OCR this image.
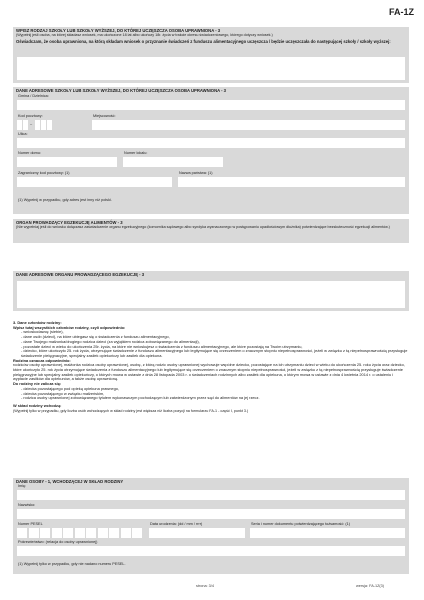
FA-1Z
WPISZ RODZAJ SZKOŁY LUB SZKOŁY WYŻSZEJ, DO KTÓREJ UCZĘSZCZA OSOBA UPRAWNIONA - 3
(Wypełnij jeśli osoba, na której składasz wniosek, ma ukończone 18 lat albo ukończy 18r. życia w trakcie okresu świadczeniowego, którego dotyczy wniosek.)
Oświadczam, że osoba uprawniona, na którą składam wniosek o przyznanie świadczeń z funduszu alimentacyjnego uczęszcza / będzie uczęszczała do następującej szkoły / szkoły wyższej:
DANE ADRESOWE SZKOŁY LUB SZKOŁY WYŻSZEJ, DO KTÓREJ UCZĘSZCZA OSOBA UPRAWNIONA - 3
Gmina / Dzielnica:
Kod pocztowy:
–
Miejscowość:
Ulica:
Numer domu:	Numer lokalu:
Zagraniczny kod pocztowy: (1)	Nazwa państwa: (1)
(1) Wypełnij w przypadku, gdy adres jest inny niż polski.
ORGAN PROWADZĄCY EGZEKUCJĘ ALIMENTÓW - 3
(Nie wypełniaj jeśli do wniosku dołączasz zaświadczenie organu egzekucyjnego (komornika sądowego albo syndyka wyznaczonego w postępowaniu upadłościowym dłużnika) potwierdzające bezskuteczność egzekucji alimentów.)
DANE ADRESOWE ORGANU PROWADZĄCEGO EGZEKUCJĘ - 3
3. Dane członków rodziny:
Wpisz tutaj wszystkich członków rodziny, czyli odpowiednio:
- wnioskodawcę (siebie),
- dane osób (dzieci), na które ubiegasz się o świadczenia z funduszu alimentacyjnego,
- dane Twojego małżonka/drugiego rodzica dzieci (za wyjątkiem rodzica zobowiązanego do alimentacji),
- pozostałe dzieci w wieku do ukończenia 25r. życia, na które nie wnioskujesz o świadczenia z funduszu alimentacyjnego, ale które pozostają na Twoim utrzymaniu,
- dziecko, które ukończyło 25. rok życia, otrzymujące świadczenie z funduszu alimentacyjnego lub legitymujące się orzeczeniem o znacznym stopniu niepełnosprawności, jeżeli w związku z tą niepełnosprawnością przysługuje świadczenie pielęgnacyjne, specjalny zasiłek opiekuńczy lub zasiłek dla opiekuna.
Rodzina oznacza odpowiednio:
rodziców osoby uprawnionej, małżonka rodzica osoby uprawnionej, osobę, z którą rodzic osoby uprawnionej wychowuje wspólne dziecko, pozostające na ich utrzymaniu dzieci w wieku do ukończenia 25. roku życia oraz dziecko, które ukończyło 25. rok życia otrzymujące świadczenia z funduszu alimentacyjnego lub legitymujące się orzeczeniem o znacznym stopniu niepełnosprawności, jeżeli w związku z tą niepełnosprawnością przysługuje świadczenie pielęgnacyjne lub specjalny zasiłek opiekuńczy, o których mowa w ustawie z dnia 28 listopada 2003 r. o świadczeniach rodzinnych albo zasiłek dla opiekuna, o którym mowa w ustawie z dnia 4 kwietnia 2014 r. o ustaleniu i wypłacie zasiłków dla opiekunów, a także osobę uprawnioną.
Do rodziny nie zalicza się:
- dziecka pozostającego pod opieką opiekuna prawnego,
- dziecka pozostającego w związku małżeńskim,
- rodzica osoby uprawnionej zobowiązanego tytułem wykonawczym pochodzącym lub zatwierdzonym przez sąd do alimentów na jej rzecz.
W skład rodziny wchodzą:
(Wypełnij tylko w przypadku, gdy liczba osób wchodzących w skład rodziny jest większa niż liczba pozycji na formularzu FA-1 - część I, punkt 3.)
DANE OSOBY - 1, WCHODZĄCEJ W SKŁAD RODZINY
Imię:
Nazwisko:
Numer PESEL	Data urodzenia: (dd / mm / rrrr)	Seria i numer dokumentu potwierdzającego tożsamość: (1)
Pokrewieństwo: (relacja do osoby uprawnionej)
(1) Wypełnij tylko w przypadku, gdy nie nadano numeru PESEL.
strona: 3/4	wersja: FA-1Z(3)
